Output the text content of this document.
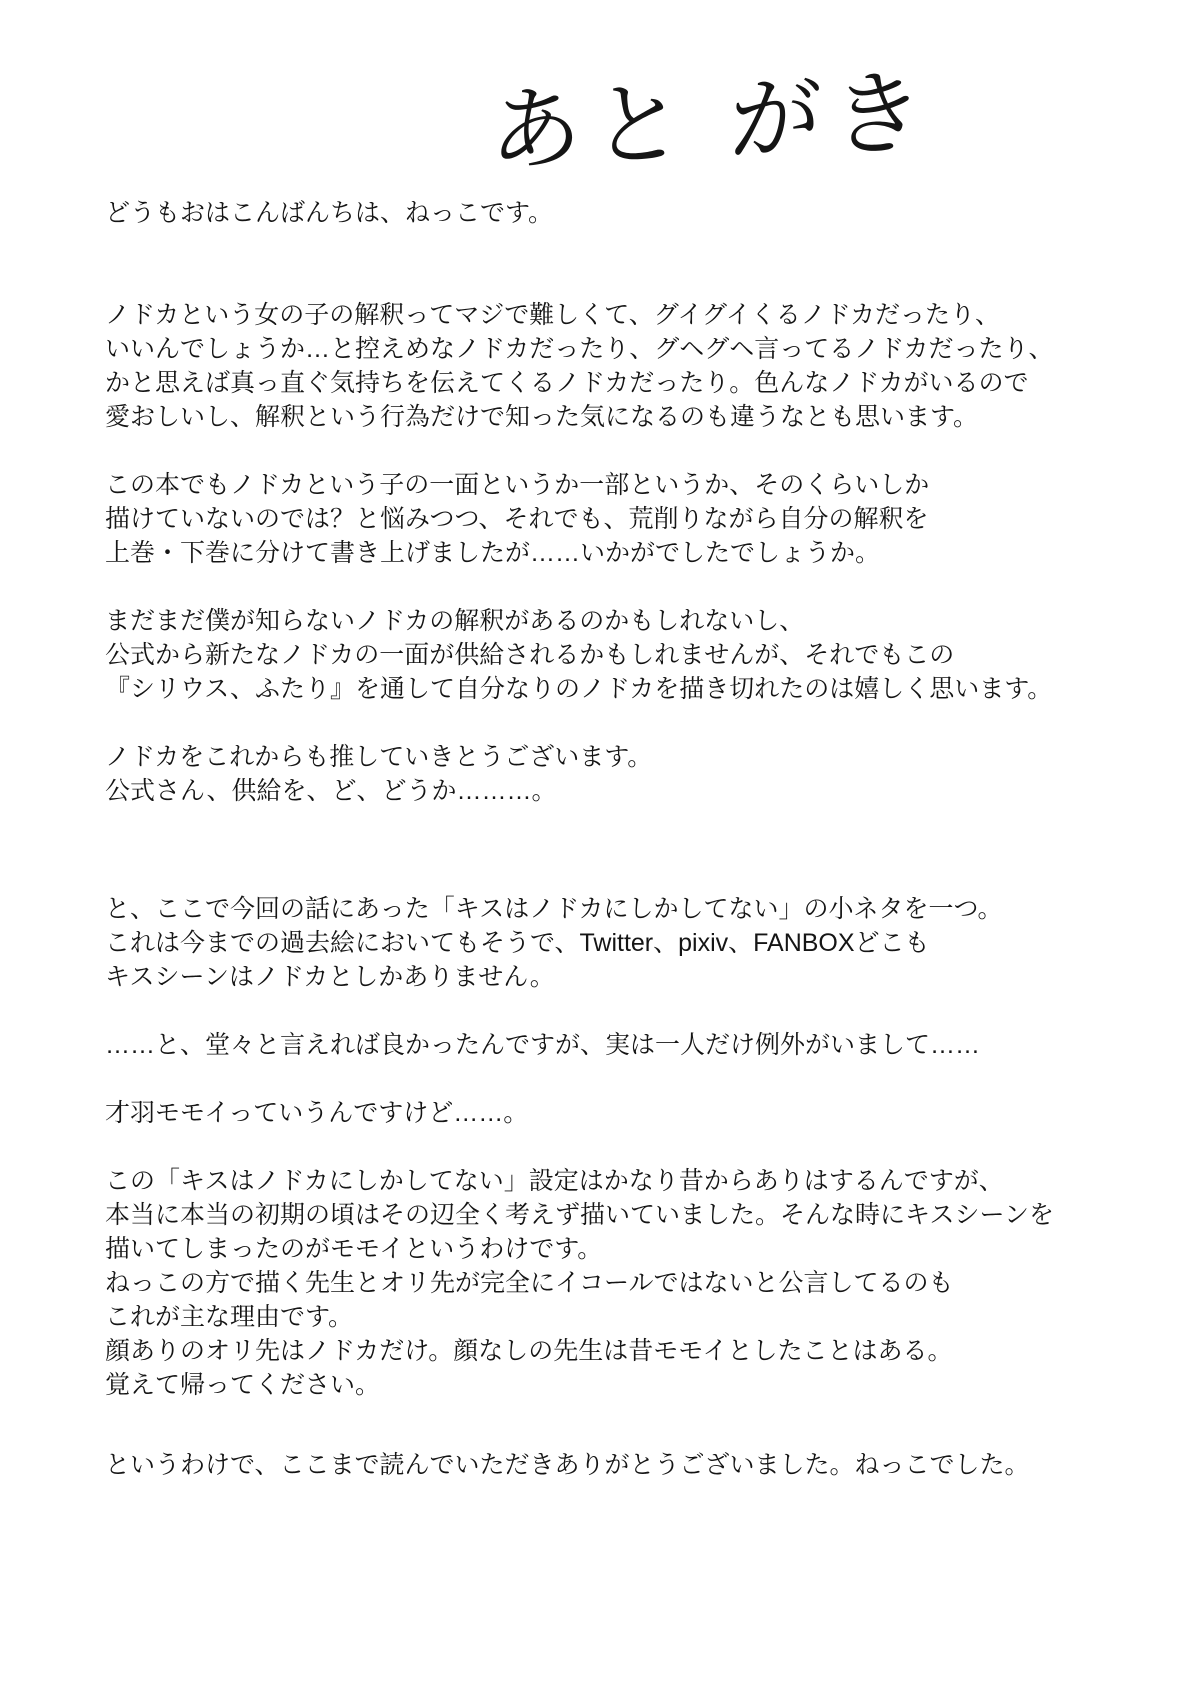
あと がき
どうもおはこんばんちは、ねっこです。
ノドカという女の子の解釈ってマジで難しくて、グイグイくるノドカだったり、
いいんでしょうか…と控えめなノドカだったり、グヘグヘ言ってるノドカだったり、
かと思えば真っ直ぐ気持ちを伝えてくるノドカだったり。色んなノドカがいるので
愛おしいし、解釈という行為だけで知った気になるのも違うなとも思います。
この本でもノドカという子の一面というか一部というか、そのくらいしか
描けていないのでは？と悩みつつ、それでも、荒削りながら自分の解釈を
上巻・下巻に分けて書き上げましたが……いかがでしたでしょうか。
まだまだ僕が知らないノドカの解釈があるのかもしれないし、
公式から新たなノドカの一面が供給されるかもしれませんが、それでもこの
『シリウス、ふたり』を通して自分なりのノドカを描き切れたのは嬉しく思います。
ノドカをこれからも推していきとうございます。
公式さん、供給を、ど、どうか………。
と、ここで今回の話にあった「キスはノドカにしかしてない」の小ネタを一つ。
これは今までの過去絵においてもそうで、Twitter、pixiv、FANBOXどこも
キスシーンはノドカとしかありません。
……と、堂々と言えれば良かったんですが、実は一人だけ例外がいまして……
才羽モモイっていうんですけど……。
この「キスはノドカにしかしてない」設定はかなり昔からありはするんですが、
本当に本当の初期の頃はその辺全く考えず描いていました。そんな時にキスシーンを
描いてしまったのがモモイというわけです。
ねっこの方で描く先生とオリ先が完全にイコールではないと公言してるのも
これが主な理由です。
顔ありのオリ先はノドカだけ。顔なしの先生は昔モモイとしたことはある。
覚えて帰ってください。
というわけで、ここまで読んでいただきありがとうございました。ねっこでした。
